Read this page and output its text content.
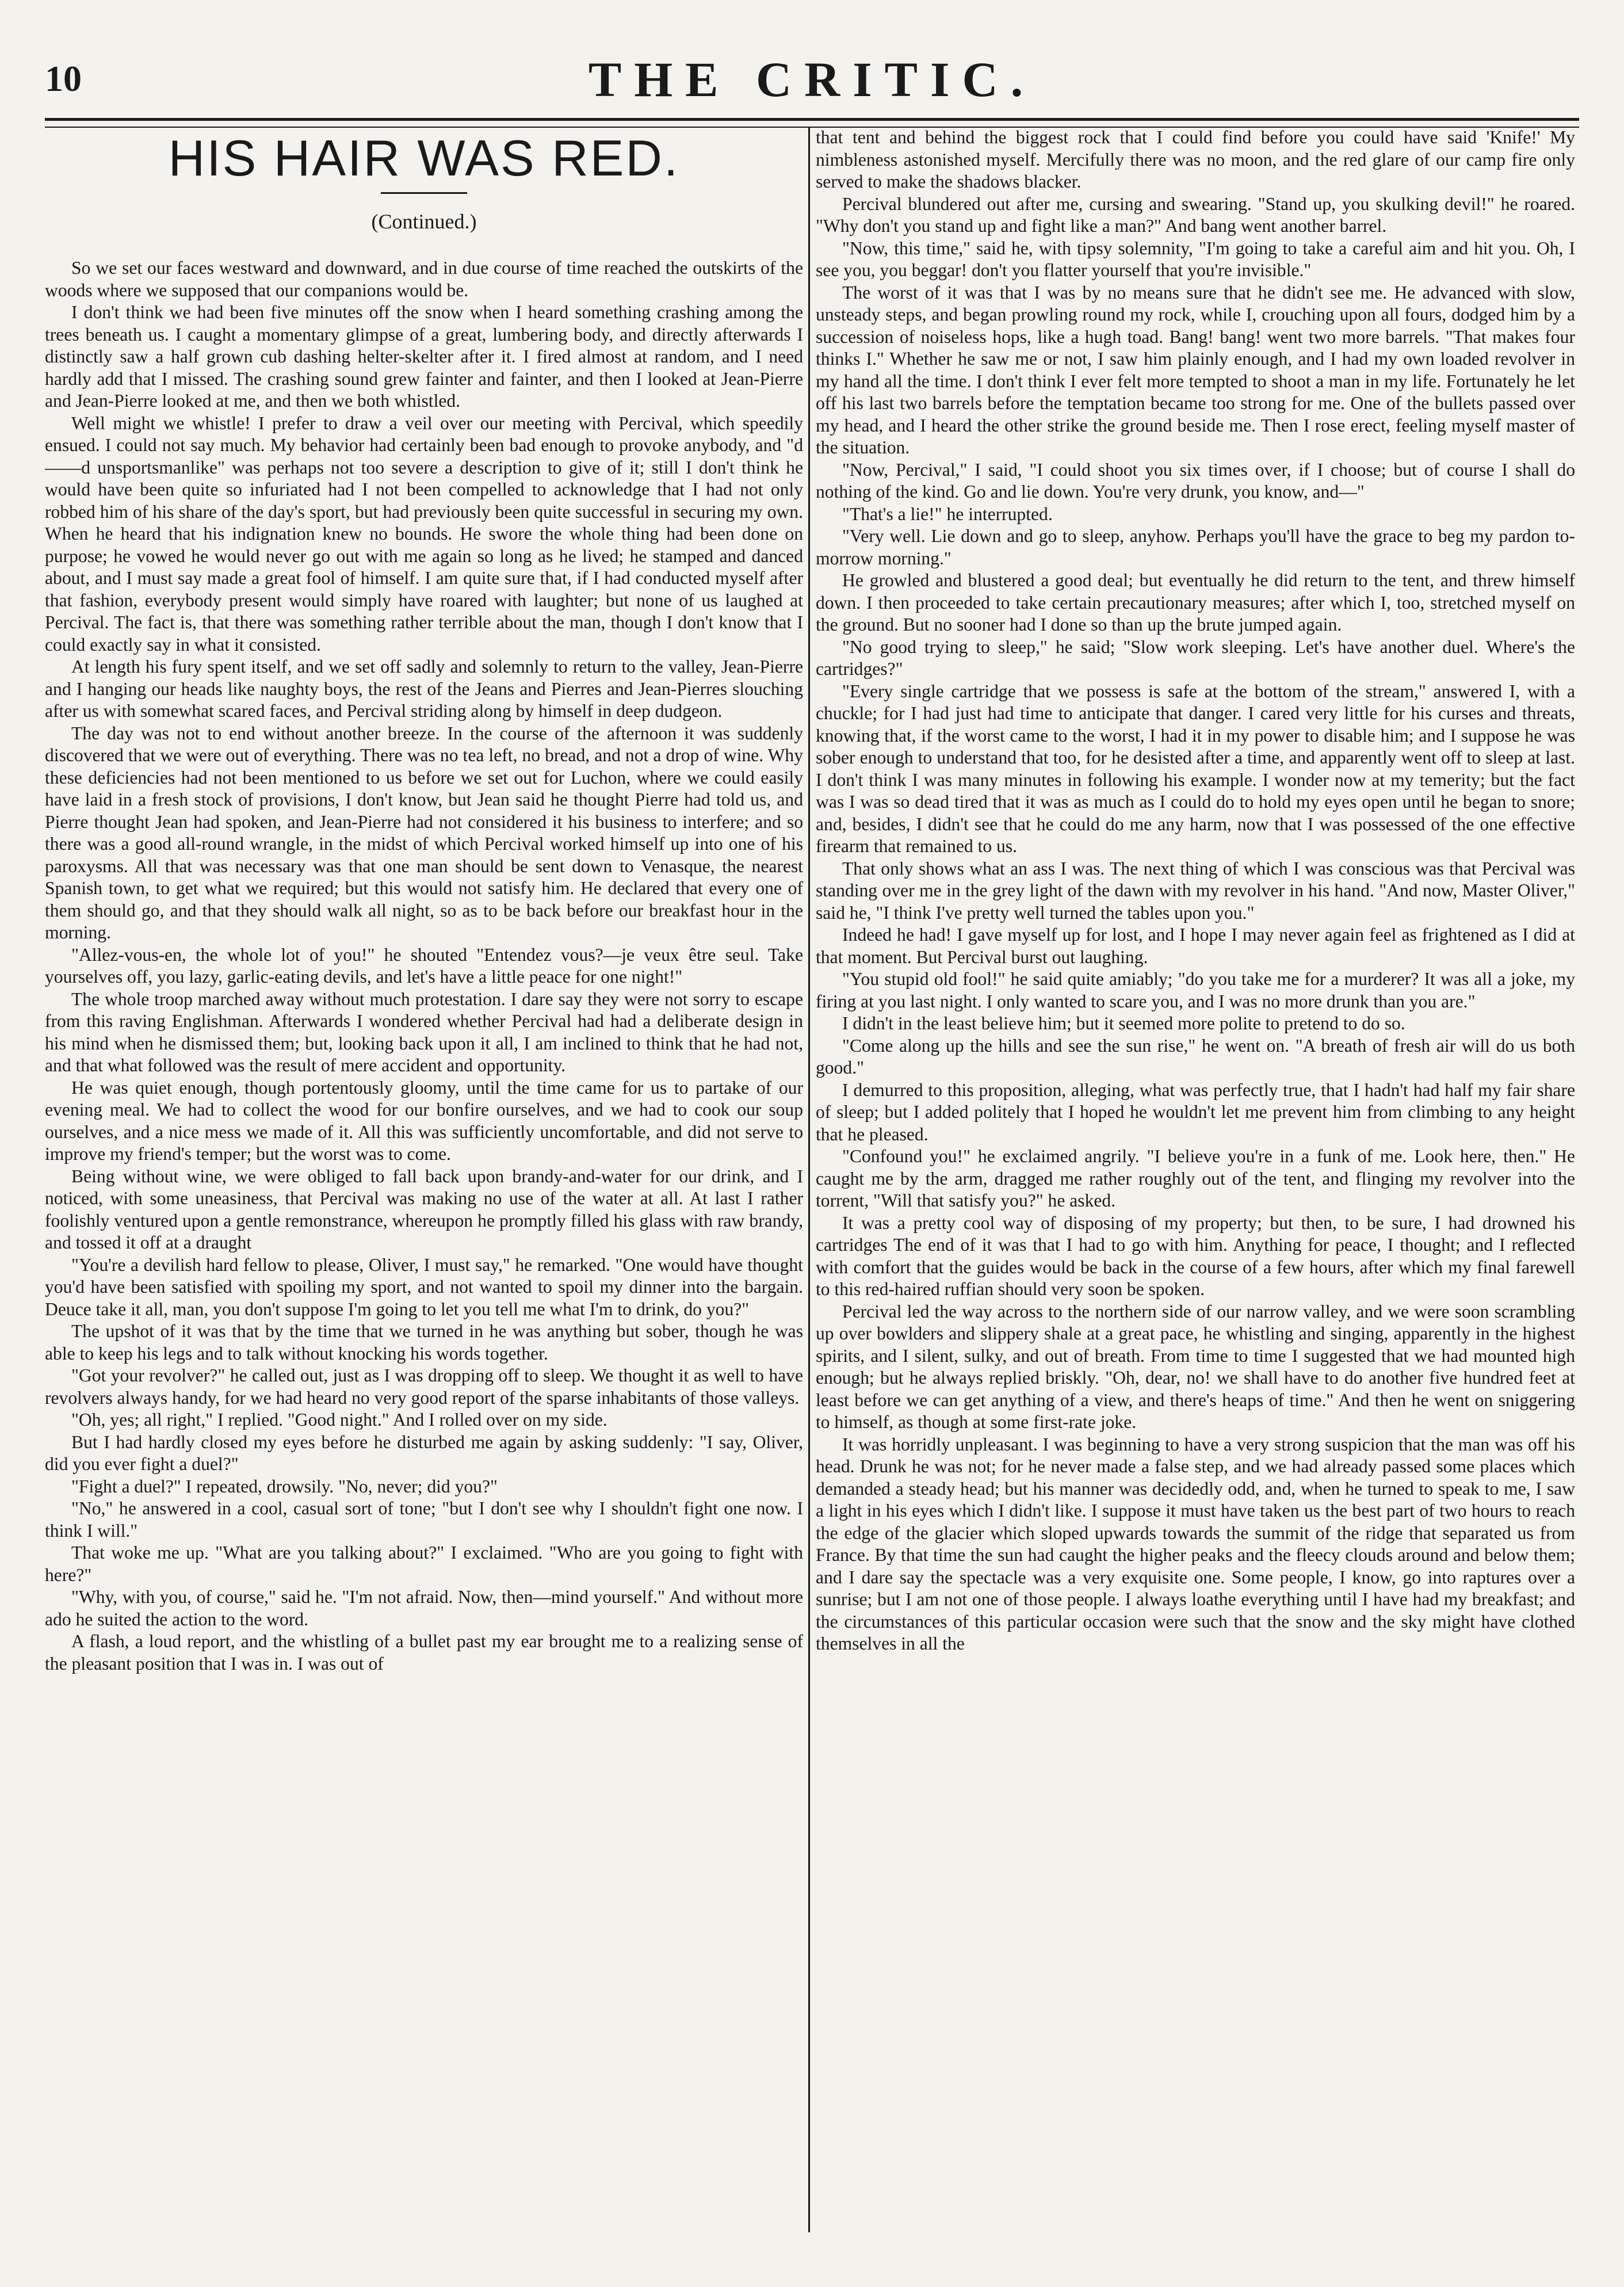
10	THE CRITIC.
HIS HAIR WAS RED.

(Continued.)

So we set our faces westward and downward, and in due course of time reached the outskirts of the woods where we supposed that our companions would be.

I don't think we had been five minutes off the snow when I heard something crashing among the trees beneath us. I caught a momentary glimpse of a great, lumbering body, and directly afterwards I distinctly saw a half grown cub dashing helter-skelter after it. I fired almost at random, and I need hardly add that I missed. The crashing sound grew fainter and fainter, and then I looked at Jean-Pierre and Jean-Pierre looked at me, and then we both whistled.

Well might we whistle! I prefer to draw a veil over our meeting with Percival, which speedily ensued. I could not say much. My behavior had certainly been bad enough to provoke anybody, and "d——d unsportsmanlike" was perhaps not too severe a description to give of it; still I don't think he would have been quite so infuriated had I not been compelled to acknowledge that I had not only robbed him of his share of the day's sport, but had previously been quite successful in securing my own. When he heard that his indignation knew no bounds. He swore the whole thing had been done on purpose; he vowed he would never go out with me again so long as he lived; he stamped and danced about, and I must say made a great fool of himself. I am quite sure that, if I had conducted myself after that fashion, everybody present would simply have roared with laughter; but none of us laughed at Percival. The fact is, that there was something rather terrible about the man, though I don't know that I could exactly say in what it consisted.

At length his fury spent itself, and we set off sadly and solemnly to return to the valley, Jean-Pierre and I hanging our heads like naughty boys, the rest of the Jeans and Pierres and Jean-Pierres slouching after us with somewhat scared faces, and Percival striding along by himself in deep dudgeon.

The day was not to end without another breeze. In the course of the afternoon it was suddenly discovered that we were out of everything. There was no tea left, no bread, and not a drop of wine. Why these deficiencies had not been mentioned to us before we set out for Luchon, where we could easily have laid in a fresh stock of provisions, I don't know, but Jean said he thought Pierre had told us, and Pierre thought Jean had spoken, and Jean-Pierre had not considered it his business to interfere; and so there was a good all-round wrangle, in the midst of which Percival worked himself up into one of his paroxysms. All that was necessary was that one man should be sent down to Venasque, the nearest Spanish town, to get what we required; but this would not satisfy him. He declared that every one of them should go, and that they should walk all night, so as to be back before our breakfast hour in the morning.

"Allez-vous-en, the whole lot of you!" he shouted "Entendez vous?—je veux être seul. Take yourselves off, you lazy, garlic-eating devils, and let's have a little peace for one night!"

The whole troop marched away without much protestation. I dare say they were not sorry to escape from this raving Englishman. Afterwards I wondered whether Percival had had a deliberate design in his mind when he dismissed them; but, looking back upon it all, I am inclined to think that he had not, and that what followed was the result of mere accident and opportunity.

He was quiet enough, though portentously gloomy, until the time came for us to partake of our evening meal. We had to collect the wood for our bonfire ourselves, and we had to cook our soup ourselves, and a nice mess we made of it. All this was sufficiently uncomfortable, and did not serve to improve my friend's temper; but the worst was to come.

Being without wine, we were obliged to fall back upon brandy-and-water for our drink, and I noticed, with some uneasiness, that Percival was making no use of the water at all. At last I rather foolishly ventured upon a gentle remonstrance, whereupon he promptly filled his glass with raw brandy, and tossed it off at a draught

"You're a devilish hard fellow to please, Oliver, I must say," he remarked. "One would have thought you'd have been satisfied with spoiling my sport, and not wanted to spoil my dinner into the bargain. Deuce take it all, man, you don't suppose I'm going to let you tell me what I'm to drink, do you?"

The upshot of it was that by the time that we turned in he was anything but sober, though he was able to keep his legs and to talk without knocking his words together.

"Got your revolver?" he called out, just as I was dropping off to sleep. We thought it as well to have revolvers always handy, for we had heard no very good report of the sparse inhabitants of those valleys.

"Oh, yes; all right," I replied. "Good night." And I rolled over on my side.

But I had hardly closed my eyes before he disturbed me again by asking suddenly: "I say, Oliver, did you ever fight a duel?"

"Fight a duel?" I repeated, drowsily. "No, never; did you?"

"No," he answered in a cool, casual sort of tone; "but I don't see why I shouldn't fight one now. I think I will."

That woke me up. "What are you talking about?" I exclaimed. "Who are you going to fight with here?"

"Why, with you, of course," said he. "I'm not afraid. Now, then—mind yourself." And without more ado he suited the action to the word.

A flash, a loud report, and the whistling of a bullet past my ear brought me to a realizing sense of the pleasant position that I was in. I was out of

that tent and behind the biggest rock that I could find before you could have said 'Knife!' My nimbleness astonished myself. Mercifully there was no moon, and the red glare of our camp fire only served to make the shadows blacker.

Percival blundered out after me, cursing and swearing. "Stand up, you skulking devil!" he roared. "Why don't you stand up and fight like a man?" And bang went another barrel.

"Now, this time," said he, with tipsy solemnity, "I'm going to take a careful aim and hit you. Oh, I see you, you beggar! don't you flatter yourself that you're invisible."

The worst of it was that I was by no means sure that he didn't see me. He advanced with slow, unsteady steps, and began prowling round my rock, while I, crouching upon all fours, dodged him by a succession of noiseless hops, like a hugh toad. Bang! bang! went two more barrels. "That makes four thinks I." Whether he saw me or not, I saw him plainly enough, and I had my own loaded revolver in my hand all the time. I don't think I ever felt more tempted to shoot a man in my life. Fortunately he let off his last two barrels before the temptation became too strong for me. One of the bullets passed over my head, and I heard the other strike the ground beside me. Then I rose erect, feeling myself master of the situation.

"Now, Percival," I said, "I could shoot you six times over, if I choose; but of course I shall do nothing of the kind. Go and lie down. You're very drunk, you know, and—"

"That's a lie!" he interrupted.

"Very well. Lie down and go to sleep, anyhow. Perhaps you'll have the grace to beg my pardon to-morrow morning."

He growled and blustered a good deal; but eventually he did return to the tent, and threw himself down. I then proceeded to take certain precautionary measures; after which I, too, stretched myself on the ground. But no sooner had I done so than up the brute jumped again.

"No good trying to sleep," he said; "Slow work sleeping. Let's have another duel. Where's the cartridges?"

"Every single cartridge that we possess is safe at the bottom of the stream," answered I, with a chuckle; for I had just had time to anticipate that danger. I cared very little for his curses and threats, knowing that, if the worst came to the worst, I had it in my power to disable him; and I suppose he was sober enough to understand that too, for he desisted after a time, and apparently went off to sleep at last. I don't think I was many minutes in following his example. I wonder now at my temerity; but the fact was I was so dead tired that it was as much as I could do to hold my eyes open until he began to snore; and, besides, I didn't see that he could do me any harm, now that I was possessed of the one effective firearm that remained to us.

That only shows what an ass I was. The next thing of which I was conscious was that Percival was standing over me in the grey light of the dawn with my revolver in his hand. "And now, Master Oliver," said he, "I think I've pretty well turned the tables upon you."

Indeed he had! I gave myself up for lost, and I hope I may never again feel as frightened as I did at that moment. But Percival burst out laughing.

"You stupid old fool!" he said quite amiably; "do you take me for a murderer? It was all a joke, my firing at you last night. I only wanted to scare you, and I was no more drunk than you are."

I didn't in the least believe him; but it seemed more polite to pretend to do so.

"Come along up the hills and see the sun rise," he went on. "A breath of fresh air will do us both good."

I demurred to this proposition, alleging, what was perfectly true, that I hadn't had half my fair share of sleep; but I added politely that I hoped he wouldn't let me prevent him from climbing to any height that he pleased.

"Confound you!" he exclaimed angrily. "I believe you're in a funk of me. Look here, then." He caught me by the arm, dragged me rather roughly out of the tent, and flinging my revolver into the torrent, "Will that satisfy you?" he asked.

It was a pretty cool way of disposing of my property; but then, to be sure, I had drowned his cartridges The end of it was that I had to go with him. Anything for peace, I thought; and I reflected with comfort that the guides would be back in the course of a few hours, after which my final farewell to this red-haired ruffian should very soon be spoken.

Percival led the way across to the northern side of our narrow valley, and we were soon scrambling up over bowlders and slippery shale at a great pace, he whistling and singing, apparently in the highest spirits, and I silent, sulky, and out of breath. From time to time I suggested that we had mounted high enough; but he always replied briskly. "Oh, dear, no! we shall have to do another five hundred feet at least before we can get anything of a view, and there's heaps of time." And then he went on sniggering to himself, as though at some first-rate joke.

It was horridly unpleasant. I was beginning to have a very strong suspicion that the man was off his head. Drunk he was not; for he never made a false step, and we had already passed some places which demanded a steady head; but his manner was decidedly odd, and, when he turned to speak to me, I saw a light in his eyes which I didn't like. I suppose it must have taken us the best part of two hours to reach the edge of the glacier which sloped upwards towards the summit of the ridge that separated us from France. By that time the sun had caught the higher peaks and the fleecy clouds around and below them; and I dare say the spectacle was a very exquisite one. Some people, I know, go into raptures over a sunrise; but I am not one of those people. I always loathe everything until I have had my breakfast; and the circumstances of this particular occasion were such that the snow and the sky might have clothed themselves in all the
